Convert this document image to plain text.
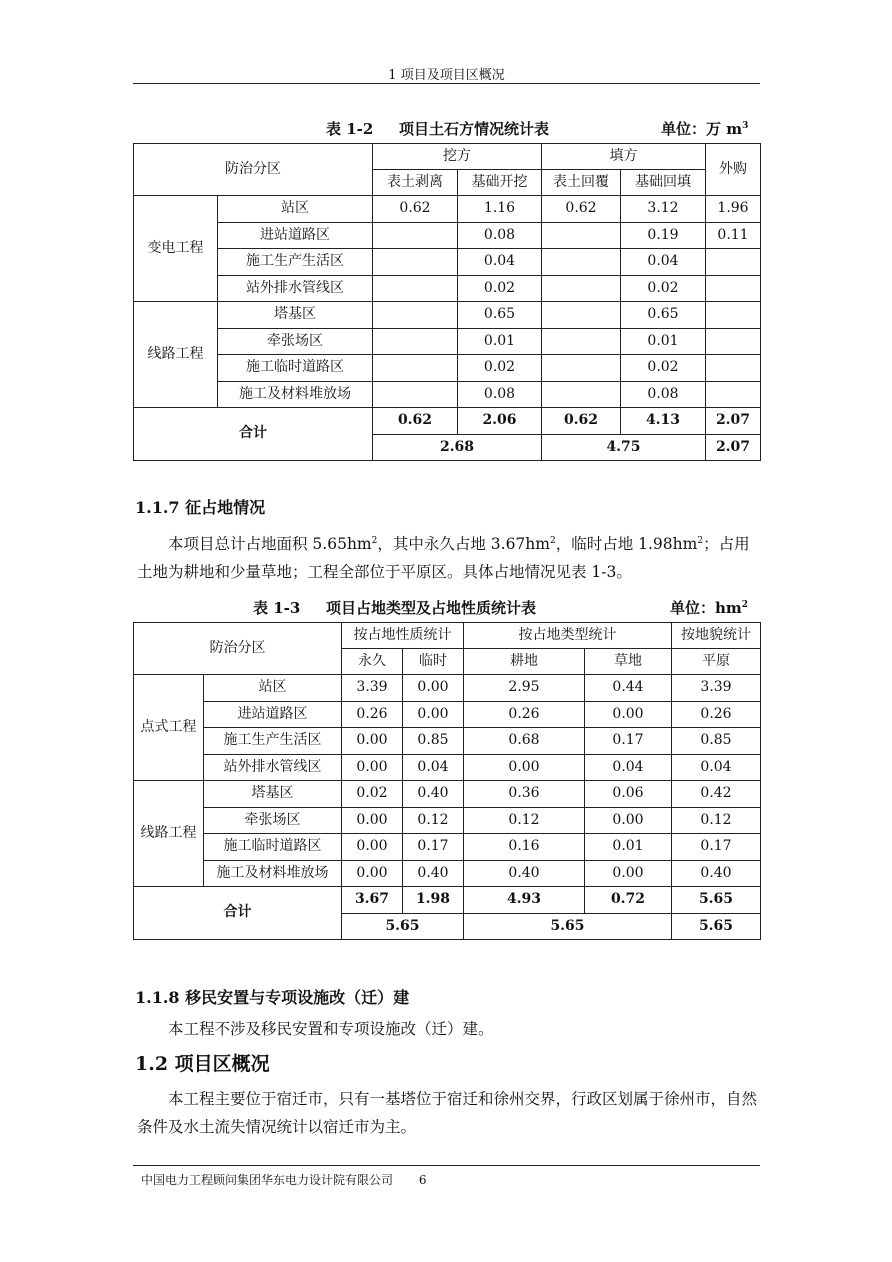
1 项目及项目区概况
表 1-2 项目土石方情况统计表	单位：万 $m^3$
防治分区		挖方		填方		外购
		表土剥离	基础开挖	表土回覆	基础回填	
变电工程	站区	0.62	1.16	0.62	3.12	1.96
	进站道路区		0.08		0.19	0.11
	施工生产生活区		0.04		0.04	
	站外排水管线区		0.02		0.02	
线路工程	塔基区		0.65		0.65	
	牵张场区		0.01		0.01	
	施工临时道路区		0.02		0.02	
	施工及材料堆放场		0.08		0.08	
合计		0.62	2.06	0.62	4.13	2.07
		2.68		4.75		2.07
1.1.7 征占地情况
本项目总计占地面积 $5.65hm^2$，其中永久占地 $3.67hm^2$，临时占地 $1.98hm^2$；占用土地为耕地和少量草地；工程全部位于平原区。具体占地情况见表 1-3。
表 1-3 项目占地类型及占地性质统计表	单位：$hm^2$
防治分区		按占地性质统计		按占地类型统计		按地貌统计
		永久	临时	耕地	草地	平原
点式工程	站区	3.39	0.00	2.95	0.44	3.39
	进站道路区	0.26	0.00	0.26	0.00	0.26
	施工生产生活区	0.00	0.85	0.68	0.17	0.85
	站外排水管线区	0.00	0.04	0.00	0.04	0.04
线路工程	塔基区	0.02	0.40	0.36	0.06	0.42
	牵张场区	0.00	0.12	0.12	0.00	0.12
	施工临时道路区	0.00	0.17	0.16	0.01	0.17
	施工及材料堆放场	0.00	0.40	0.40	0.00	0.40
合计		3.67	1.98	4.93	0.72	5.65
		5.65		5.65		5.65
1.1.8 移民安置与专项设施改（迁）建
本工程不涉及移民安置和专项设施改（迁）建。
1.2 项目区概况
本工程主要位于宿迁市，只有一基塔位于宿迁和徐州交界，行政区划属于徐州市，自然条件及水土流失情况统计以宿迁市为主。
中国电力工程顾问集团华东电力设计院有限公司 6
